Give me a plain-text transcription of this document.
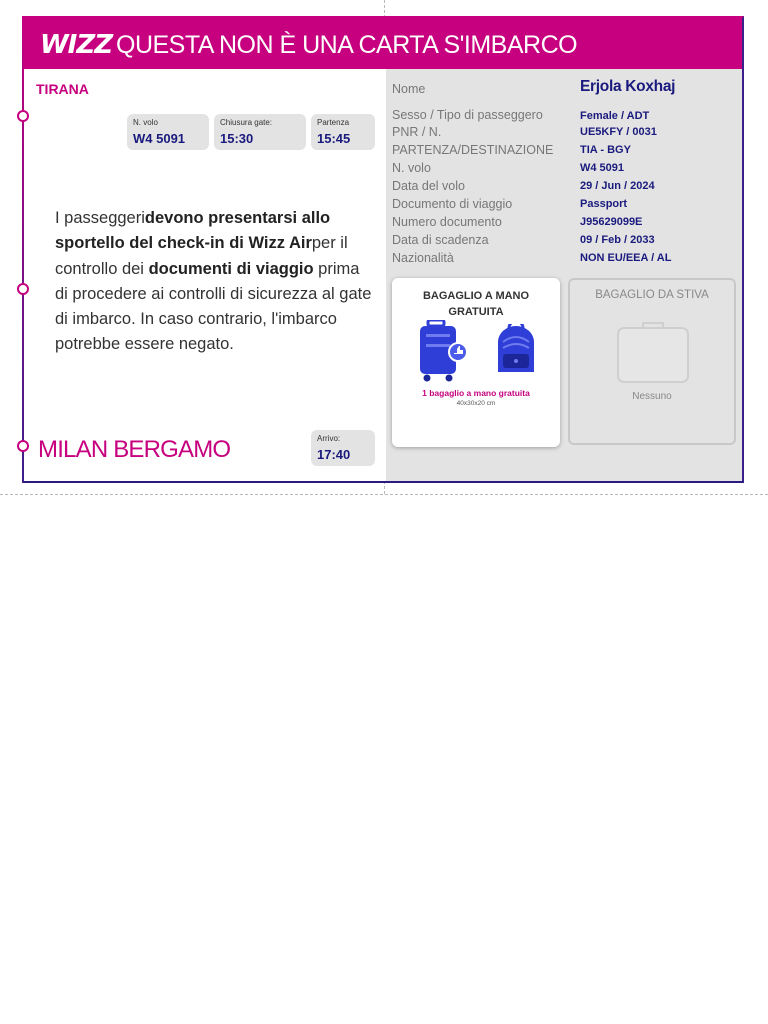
WIZZ QUESTA NON È UNA CARTA S'IMBARCO
TIRANA
N. volo
W4 5091
Chiusura gate:
15:30
Partenza
15:45
I passeggeridevono presentarsi allo sportello del check-in di Wizz Airper il controllo dei documenti di viaggio prima di procedere ai controlli di sicurezza al gate di imbarco. In caso contrario, l'imbarco potrebbe essere negato.
MILAN BERGAMO	Arrivo:
17:40
Nome	Erjola Koxhaj
Sesso / Tipo di passeggero	Female / ADT
PNR / N.	UE5KFY / 0031
PARTENZA/DESTINAZIONE TIA - BGY
N. volo	W4 5091
Data del volo	29 / Jun / 2024
Documento di viaggio	Passport
Numero documento	J95629099E
Data di scadenza	09 / Feb / 2033
Nazionalità	NON EU/EEA / AL
BAGAGLIO A MANO GRATUITA
1 bagaglio a mano gratuita
40x30x20 cm
BAGAGLIO DA STIVA
Nessuno
